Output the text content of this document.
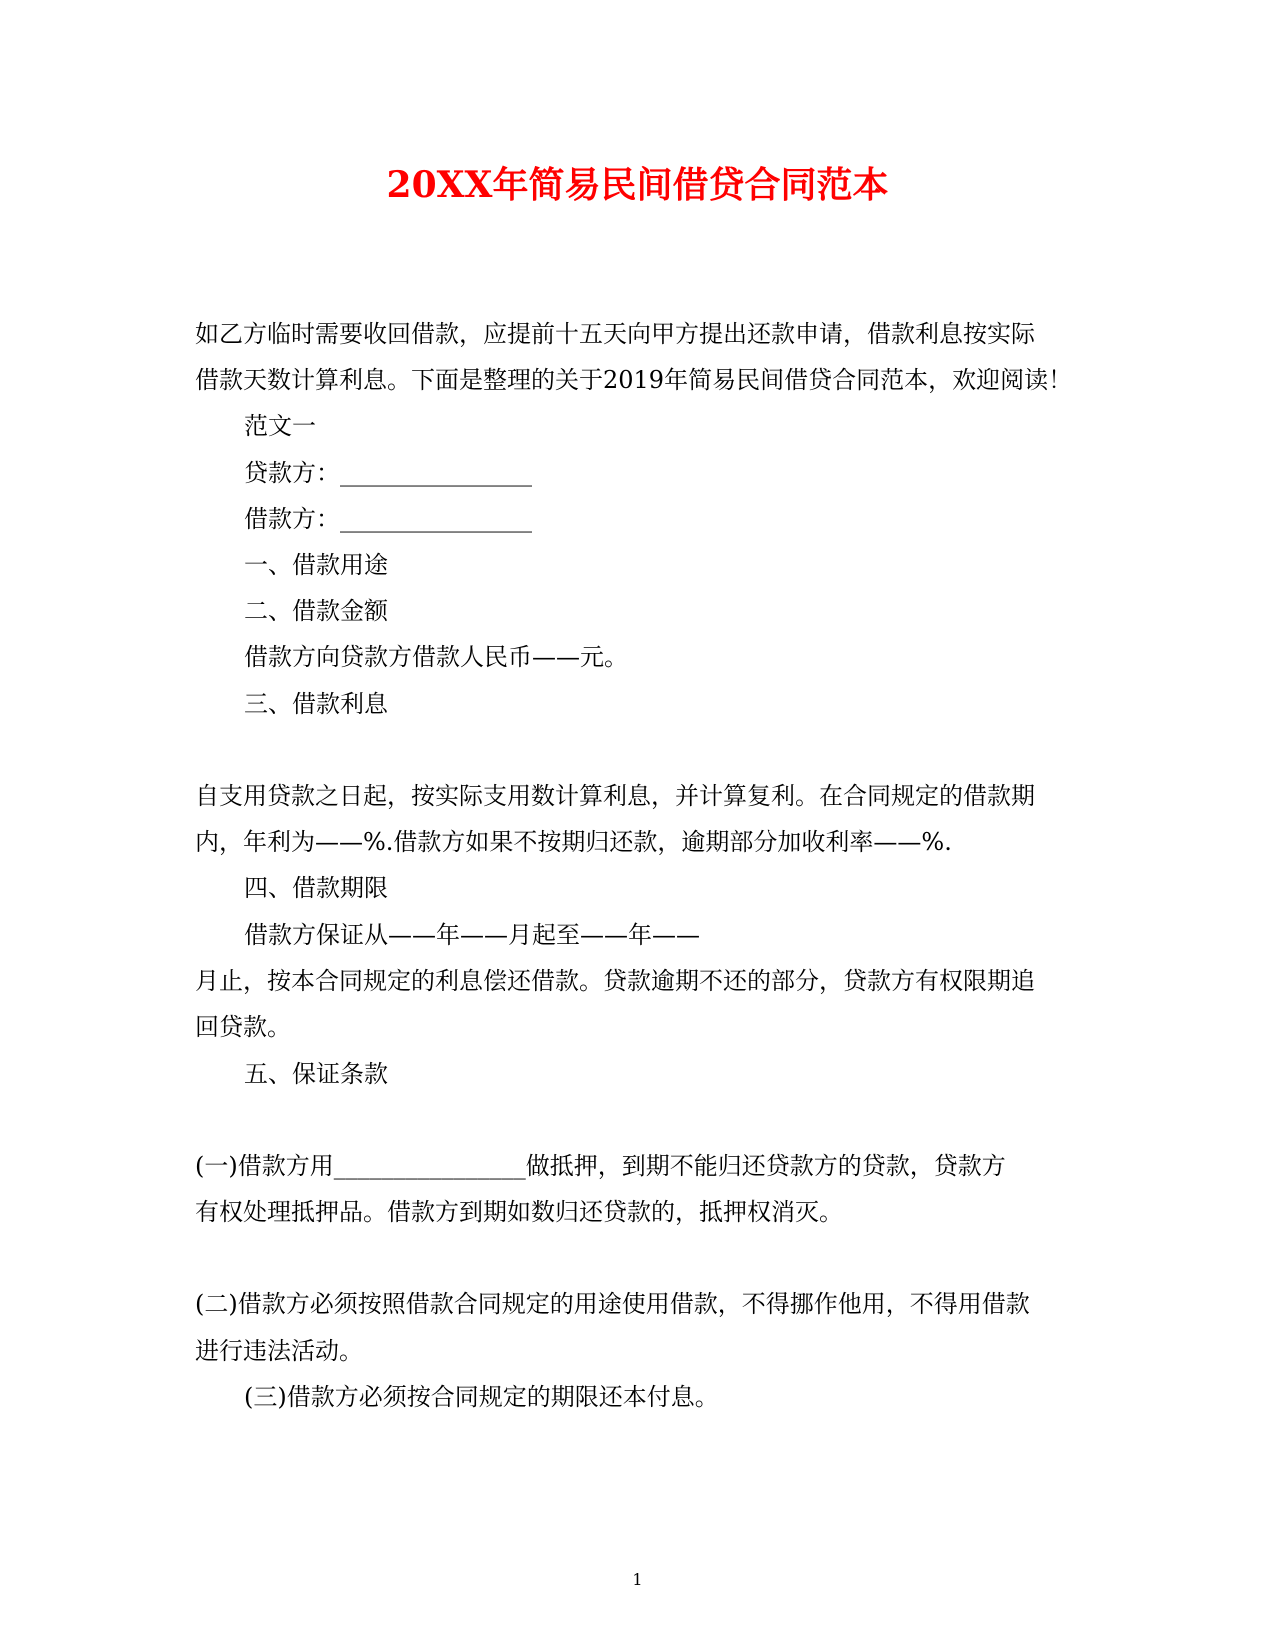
20XX年简易民间借贷合同范本
如乙方临时需要收回借款，应提前十五天向甲方提出还款申请，借款利息按实际
借款天数计算利息。下面是整理的关于2019年简易民间借贷合同范本，欢迎阅读！
范文一
贷款方：________________
借款方：________________
一、借款用途
二、借款金额
借款方向贷款方借款人民币——元。
三、借款利息
自支用贷款之日起，按实际支用数计算利息，并计算复利。在合同规定的借款期
内，年利为——%.借款方如果不按期归还款，逾期部分加收利率——%.
四、借款期限
借款方保证从——年——月起至——年——
月止，按本合同规定的利息偿还借款。贷款逾期不还的部分，贷款方有权限期追
回贷款。
五、保证条款
(一)借款方用________________做抵押，到期不能归还贷款方的贷款，贷款方
有权处理抵押品。借款方到期如数归还贷款的，抵押权消灭。
(二)借款方必须按照借款合同规定的用途使用借款，不得挪作他用，不得用借款
进行违法活动。
(三)借款方必须按合同规定的期限还本付息。
1
